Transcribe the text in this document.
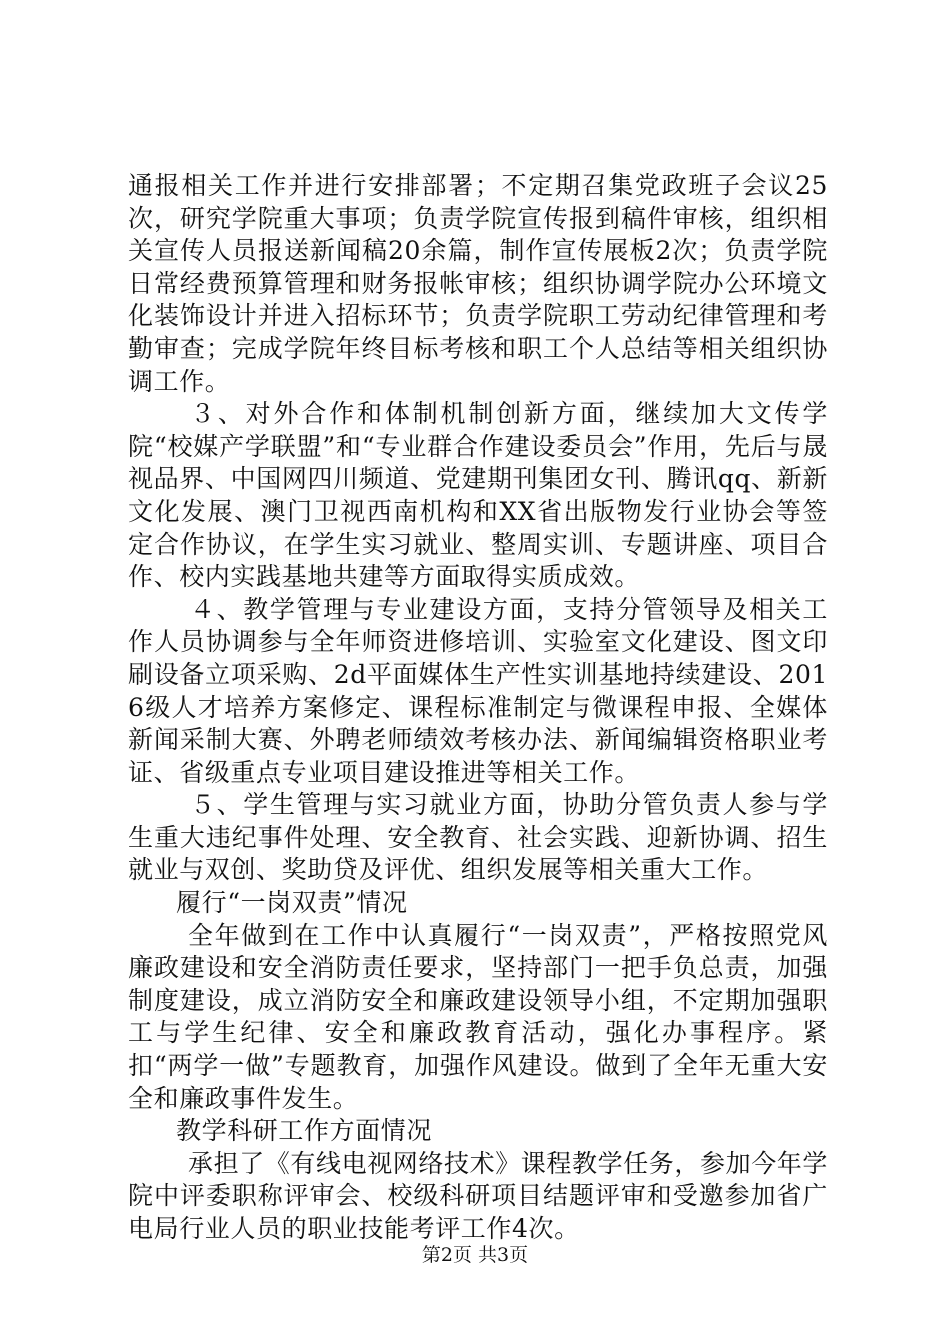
通报相关工作并进行安排部署；不定期召集党政班子会议25次，研究学院重大事项；负责学院宣传报到稿件审核，组织相关宣传人员报送新闻稿20余篇，制作宣传展板2次；负责学院日常经费预算管理和财务报帐审核；组织协调学院办公环境文化装饰设计并进入招标环节；负责学院职工劳动纪律管理和考勤审查；完成学院年终目标考核和职工个人总结等相关组织协调工作。

３、对外合作和体制机制创新方面，继续加大文传学院“校媒产学联盟”和“专业群合作建设委员会”作用，先后与晟视品界、中国网四川频道、党建期刊集团女刊、腾讯qq、新新文化发展、澳门卫视西南机构和XX省出版物发行业协会等签定合作协议，在学生实习就业、整周实训、专题讲座、项目合作、校内实践基地共建等方面取得实质成效。

４、教学管理与专业建设方面，支持分管领导及相关工作人员协调参与全年师资进修培训、实验室文化建设、图文印刷设备立项采购、2d平面媒体生产性实训基地持续建设、2016级人才培养方案修定、课程标准制定与微课程申报、全媒体新闻采制大赛、外聘老师绩效考核办法、新闻编辑资格职业考证、省级重点专业项目建设推进等相关工作。

５、学生管理与实习就业方面，协助分管负责人参与学生重大违纪事件处理、安全教育、社会实践、迎新协调、招生就业与双创、奖助贷及评优、组织发展等相关重大工作。

履行“一岗双责”情况

全年做到在工作中认真履行“一岗双责”，严格按照党风廉政建设和安全消防责任要求，坚持部门一把手负总责，加强制度建设，成立消防安全和廉政建设领导小组，不定期加强职工与学生纪律、安全和廉政教育活动，强化办事程序。紧扣“两学一做”专题教育，加强作风建设。做到了全年无重大安全和廉政事件发生。

教学科研工作方面情况

承担了《有线电视网络技术》课程教学任务，参加今年学院中评委职称评审会、校级科研项目结题评审和受邀参加省广电局行业人员的职业技能考评工作4次。

第2页 共3页
